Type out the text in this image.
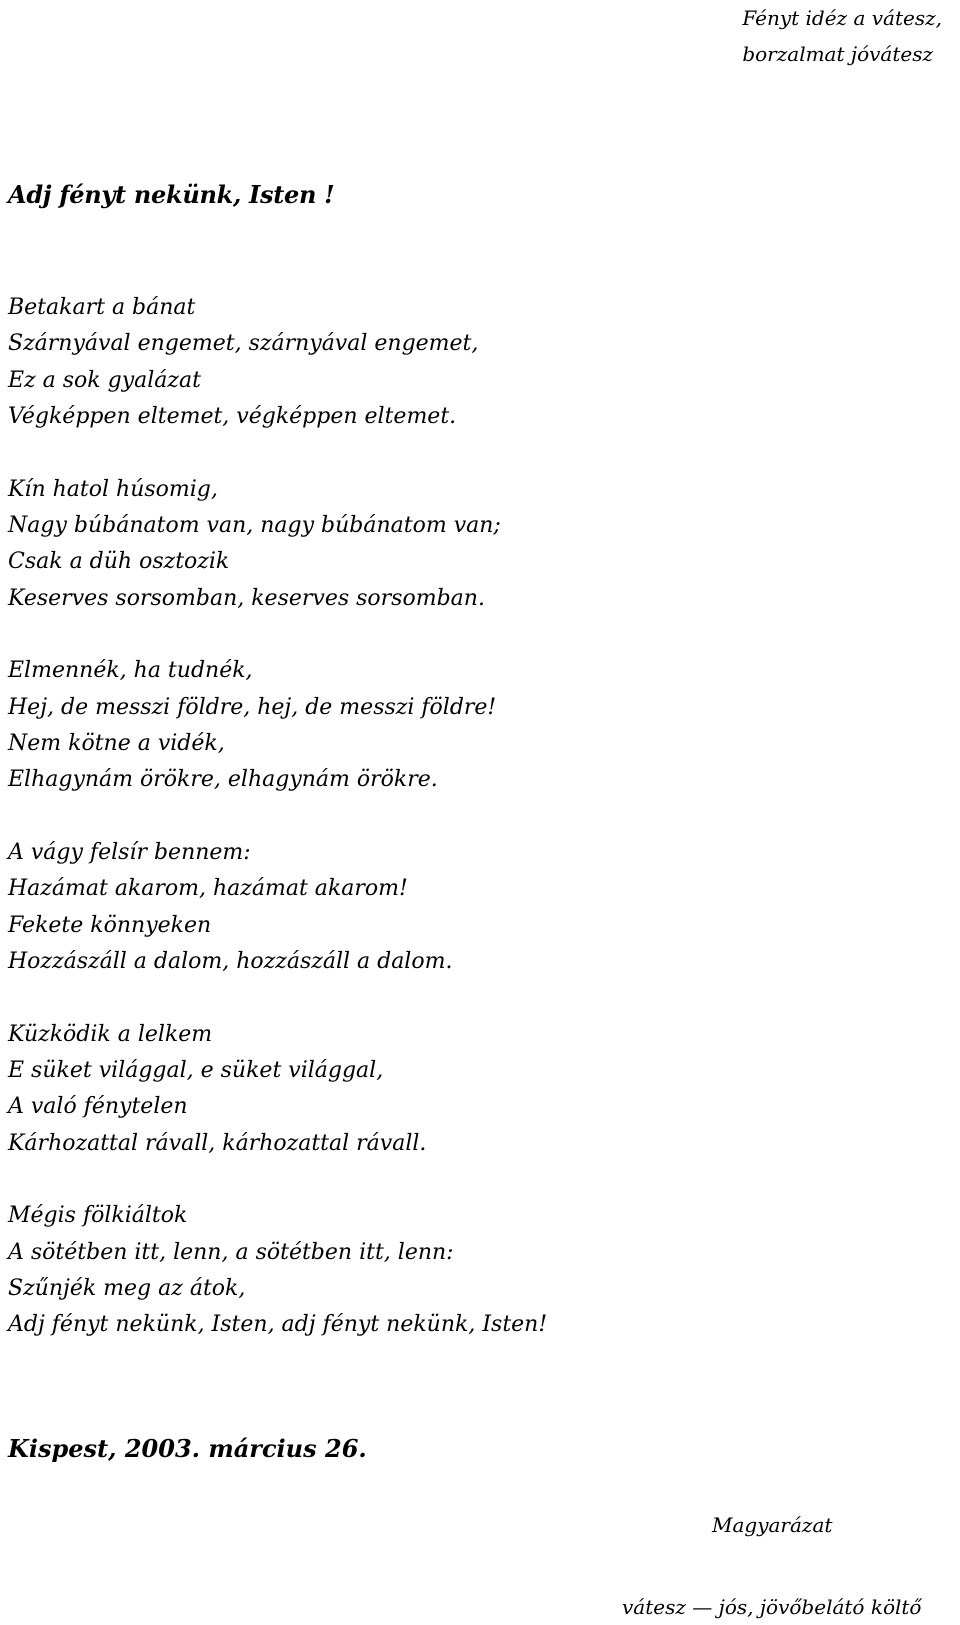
Fényt idéz a vátesz,
borzalmat jóvátesz
Adj fényt nekünk, Isten !
Betakart a bánat
Szárnyával engemet, szárnyával engemet,
Ez a sok gyalázat
Végképpen eltemet, végképpen eltemet.
Kín hatol húsomig,
Nagy búbánatom van, nagy búbánatom van;
Csak a düh osztozik
Keserves sorsomban, keserves sorsomban.
Elmennék, ha tudnék,
Hej, de messzi földre, hej, de messzi földre!
Nem kötne a vidék,
Elhagynám örökre, elhagynám örökre.
A vágy felsír bennem:
Hazámat akarom, hazámat akarom!
Fekete könnyeken
Hozzászáll a dalom, hozzászáll a dalom.
Küzködik a lelkem
E süket világgal, e süket világgal,
A való fénytelen
Kárhozattal rávall, kárhozattal rávall.
Mégis fölkiáltok
A sötétben itt, lenn, a sötétben itt, lenn:
Szűnjék meg az átok,
Adj fényt nekünk, Isten, adj fényt nekünk, Isten!

Kispest, 2003. március 26.

Magyarázat

vátesz — jós, jövőbelátó költő
